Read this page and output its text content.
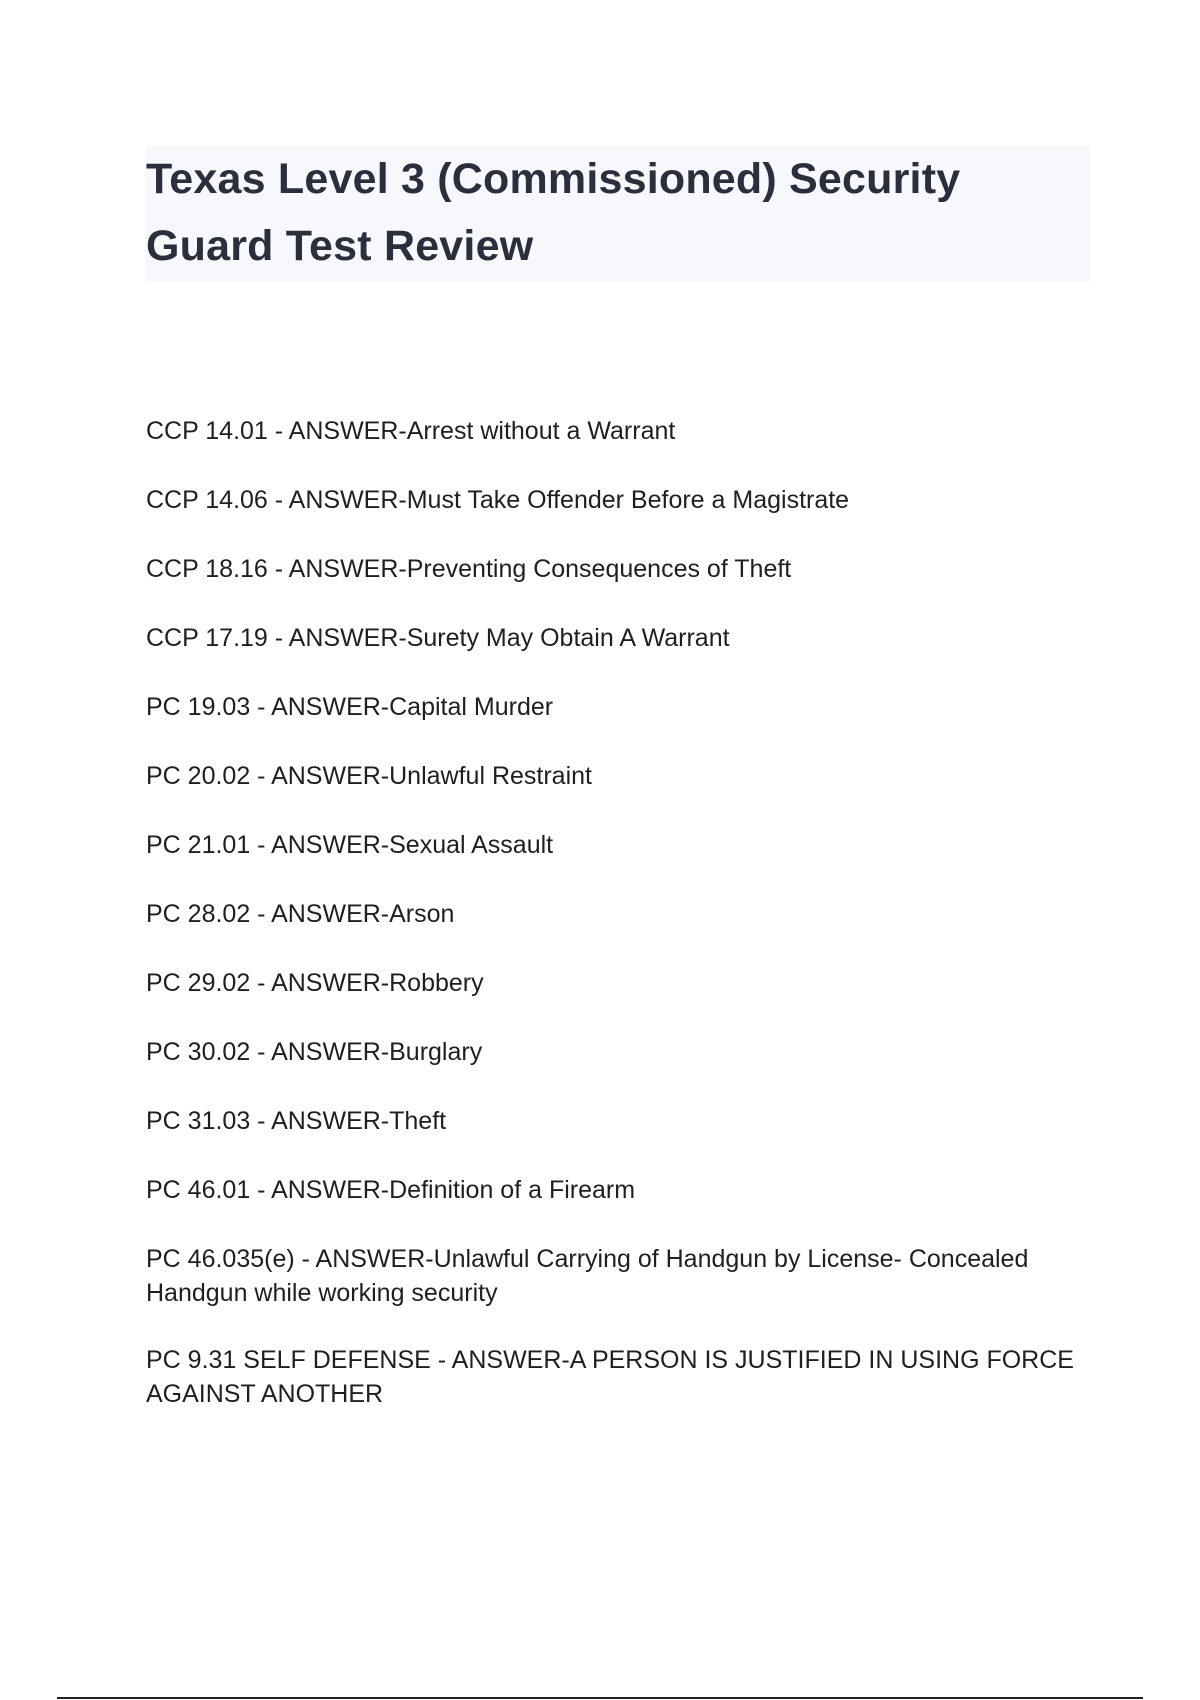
Texas Level 3 (Commissioned) Security Guard Test Review
CCP 14.01 - ANSWER-Arrest without a Warrant
CCP 14.06 - ANSWER-Must Take Offender Before a Magistrate
CCP 18.16 - ANSWER-Preventing Consequences of Theft
CCP 17.19 - ANSWER-Surety May Obtain A Warrant
PC 19.03 - ANSWER-Capital Murder
PC 20.02 - ANSWER-Unlawful Restraint
PC 21.01 - ANSWER-Sexual Assault
PC 28.02 - ANSWER-Arson
PC 29.02 - ANSWER-Robbery
PC 30.02 - ANSWER-Burglary
PC 31.03 - ANSWER-Theft
PC 46.01 - ANSWER-Definition of a Firearm
PC 46.035(e) - ANSWER-Unlawful Carrying of Handgun by License- Concealed Handgun while working security
PC 9.31 SELF DEFENSE - ANSWER-A PERSON IS JUSTIFIED IN USING FORCE AGAINST ANOTHER
